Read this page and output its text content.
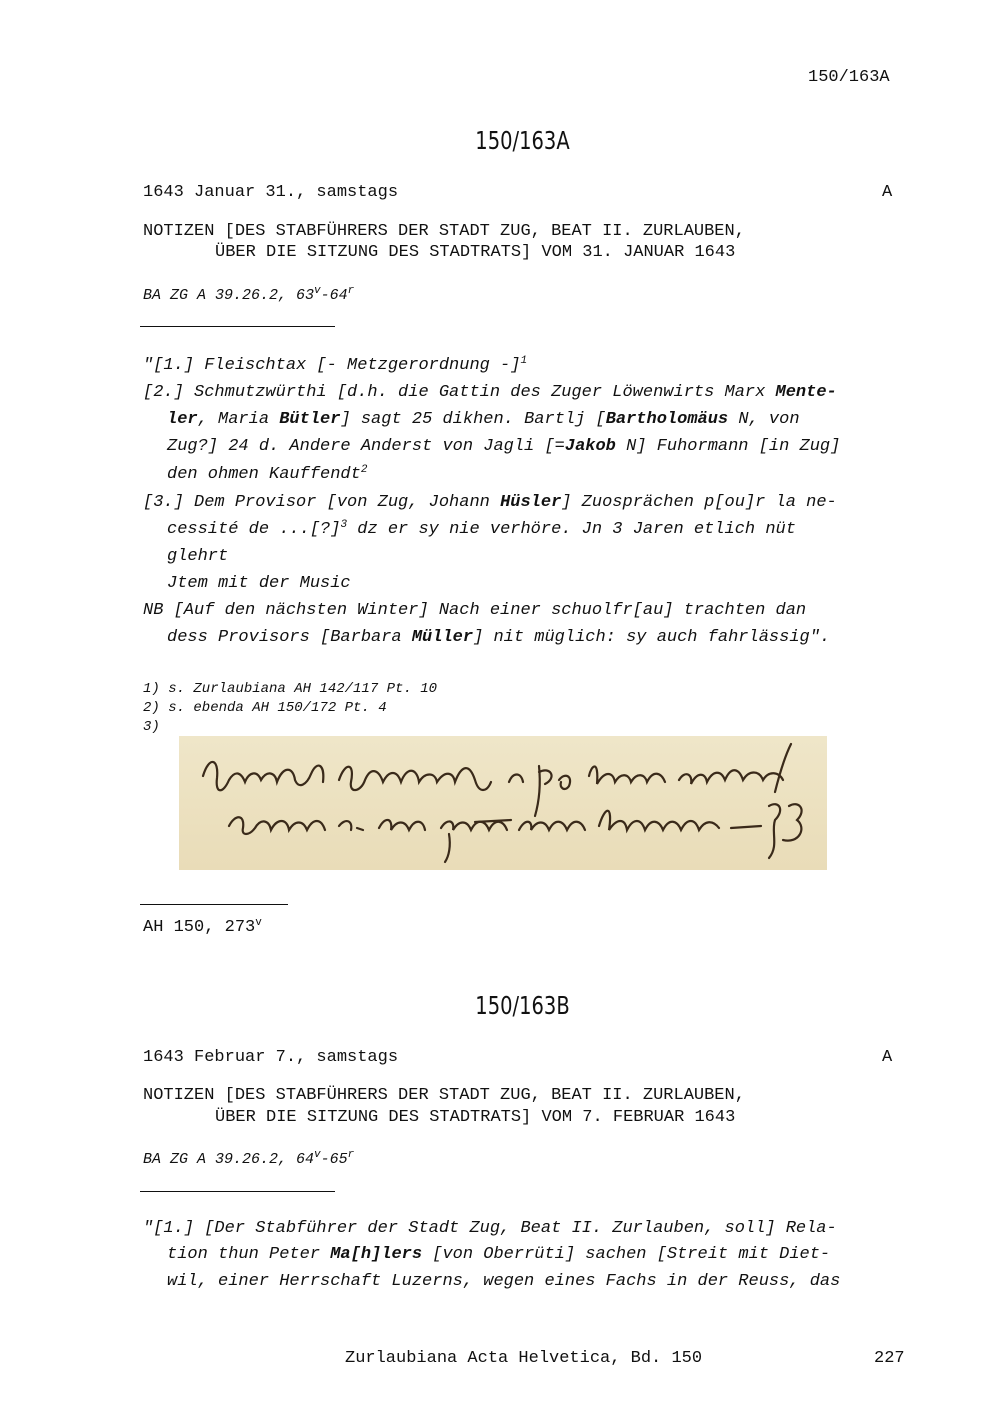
150/163A
150/163A
1643 Januar 31., samstags	A
NOTIZEN [DES STABFÜHRERS DER STADT ZUG, BEAT II. ZURLAUBEN,
ÜBER DIE SITZUNG DES STADTRATS] VOM 31. JANUAR 1643
BA ZG A 39.26.2, 63$^v$-64$^r$
"[1.] Fleischtax [- Metzgerordnung -]$^1$
[2.] Schmutzwürthi [d.h. die Gattin des Zuger Löwenwirts Marx Mente-
ler, Maria Bütler] sagt 25 dikhen. Bartlj [Bartholomäus N, von
Zug?] 24 d. Andere Anderst von Jagli [=Jakob N] Fuhormann [in Zug]
den ohmen Kauffendt$^2$
[3.] Dem Provisor [von Zug, Johann Hüsler] Zuosprächen p[ou]r la ne-
cessité de ...[?]$^3$ dz er sy nie verhöre. Jn 3 Jaren etlich nüt
glehrt
Jtem mit der Music
NB [Auf den nächsten Winter] Nach einer schuolfr[au] trachten dan
dess Provisors [Barbara Müller] nit müglich: sy auch fahrlässig".
1) s. Zurlaubiana AH 142/117 Pt. 10
2) s. ebenda AH 150/172 Pt. 4
3)
AH 150, 273$^v$
150/163B
1643 Februar 7., samstags	A
NOTIZEN [DES STABFÜHRERS DER STADT ZUG, BEAT II. ZURLAUBEN,
ÜBER DIE SITZUNG DES STADTRATS] VOM 7. FEBRUAR 1643
BA ZG A 39.26.2, 64$^v$-65$^r$
"[1.] [Der Stabführer der Stadt Zug, Beat II. Zurlauben, soll] Rela-
tion thun Peter Ma[h]lers [von Oberrüti] sachen [Streit mit Diet-
wil, einer Herrschaft Luzerns, wegen eines Fachs in der Reuss, das
Zurlaubiana Acta Helvetica, Bd. 150	227
